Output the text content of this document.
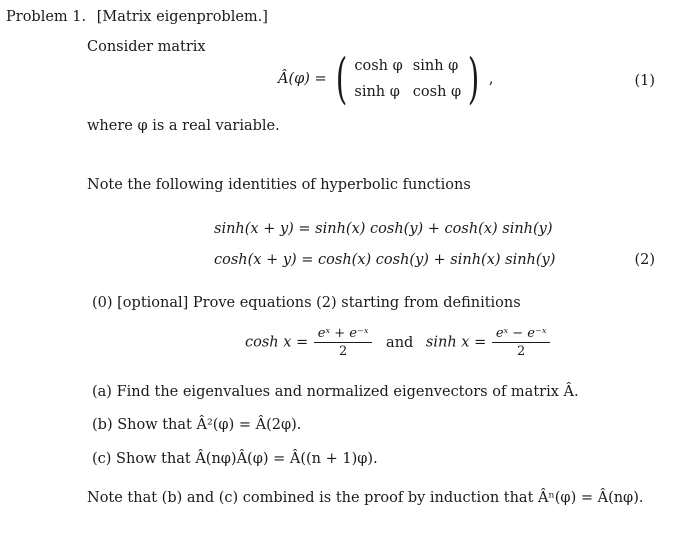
Problem 1. [Matrix eigenproblem.]
Consider matrix
Â(φ) = ( cosh φ sinh φ
sinh φ cosh φ ) ,	(1)
where φ is a real variable.
Note the following identities of hyperbolic functions
sinh(x + y) = sinh(x) cosh(y) + cosh(x) sinh(y)
cosh(x + y) = cosh(x) cosh(y) + sinh(x) sinh(y)	(2)
(0) [optional] Prove equations (2) starting from definitions
$\cosh x = \frac{\text{eˣ + e⁻ˣ}}{2}$ and $\sinh x = \frac{\text{eˣ − e⁻ˣ}}{2}$
(a) Find the eigenvalues and normalized eigenvectors of matrix Â.
(b) Show that Â²(φ) = Â(2φ).
(c) Show that Â(nφ)Â(φ) = Â((n + 1)φ).
Note that (b) and (c) combined is the proof by induction that Âⁿ(φ) = Â(nφ).
